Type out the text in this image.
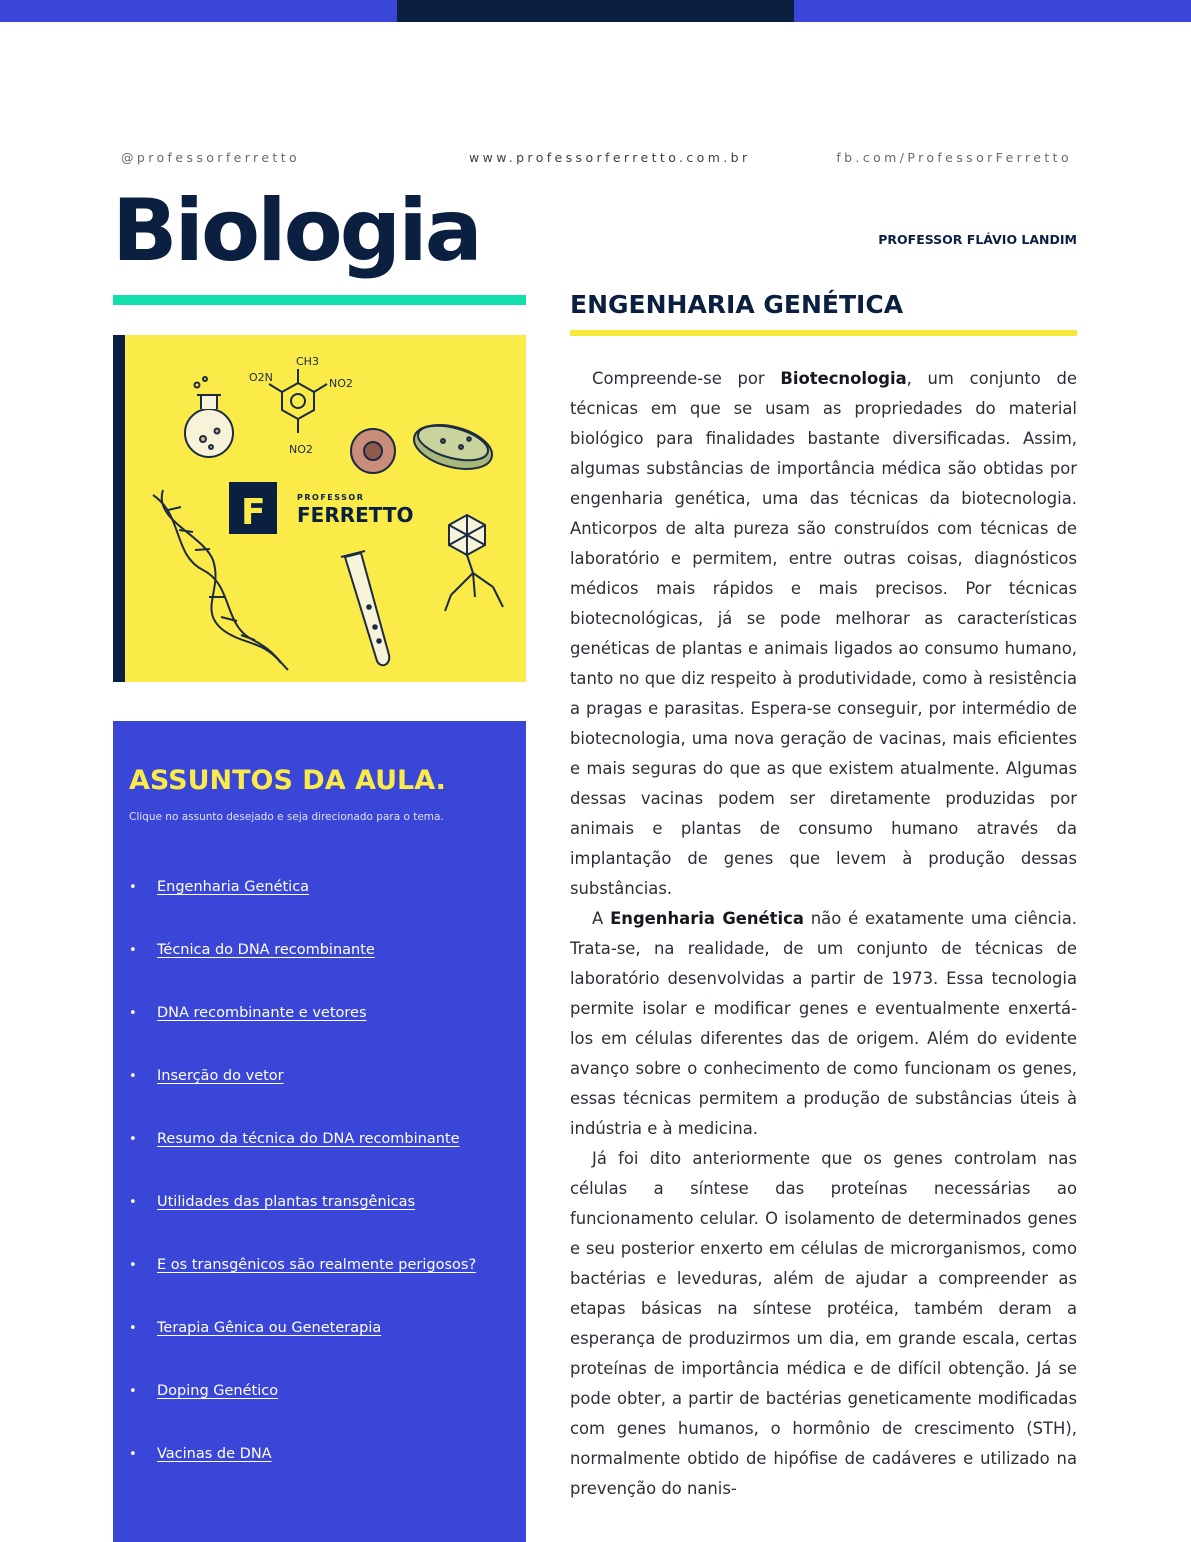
@professorferretto	www.professorferretto.com.br	fb.com/ProfessorFerretto
Biologia	PROFESSOR FLÁVIO LANDIM
ENGENHARIA GENÉTICA
CH3
O2N	NO2
NO2
F	PROFESSOR
FERRETTO
ASSUNTOS DA AULA.
Clique no assunto desejado e seja direcionado para o tema.
• Engenharia Genética
• Técnica do DNA recombinante
• DNA recombinante e vetores
• Inserção do vetor
• Resumo da técnica do DNA recombinante
• Utilidades das plantas transgênicas
• E os transgênicos são realmente perigosos?
• Terapia Gênica ou Geneterapia
• Doping Genético
• Vacinas de DNA

Compreende-se por Biotecnologia, um conjunto de técnicas em que se usam as propriedades do material biológico para finalidades bastante diversificadas. Assim, algumas substâncias de importância médica são obtidas por engenharia genética, uma das técnicas da biotecnologia. Anticorpos de alta pureza são construídos com técnicas de laboratório e permitem, entre outras coisas, diagnósticos médicos mais rápidos e mais precisos. Por técnicas biotecnológicas, já se pode melhorar as características genéticas de plantas e animais ligados ao consumo humano, tanto no que diz respeito à produtividade, como à resistência a pragas e parasitas. Espera-se conseguir, por intermédio de biotecnologia, uma nova geração de vacinas, mais eficientes e mais seguras do que as que existem atualmente. Algumas dessas vacinas podem ser diretamente produzidas por animais e plantas de consumo humano através da implantação de genes que levem à produção dessas substâncias.

A Engenharia Genética não é exatamente uma ciência. Trata-se, na realidade, de um conjunto de técnicas de laboratório desenvolvidas a partir de 1973. Essa tecnologia permite isolar e modificar genes e eventualmente enxertá-los em células diferentes das de origem. Além do evidente avanço sobre o conhecimento de como funcionam os genes, essas técnicas permitem a produção de substâncias úteis à indústria e à medicina.

Já foi dito anteriormente que os genes controlam nas células a síntese das proteínas necessárias ao funcionamento celular. O isolamento de determinados genes e seu posterior enxerto em células de microrganismos, como bactérias e leveduras, além de ajudar a compreender as etapas básicas na síntese protéica, também deram a esperança de produzirmos um dia, em grande escala, certas proteínas de importância médica e de difícil obtenção. Já se pode obter, a partir de bactérias geneticamente modificadas com genes humanos, o hormônio de crescimento (STH), normalmente obtido de hipófise de cadáveres e utilizado na prevenção do nanis-
